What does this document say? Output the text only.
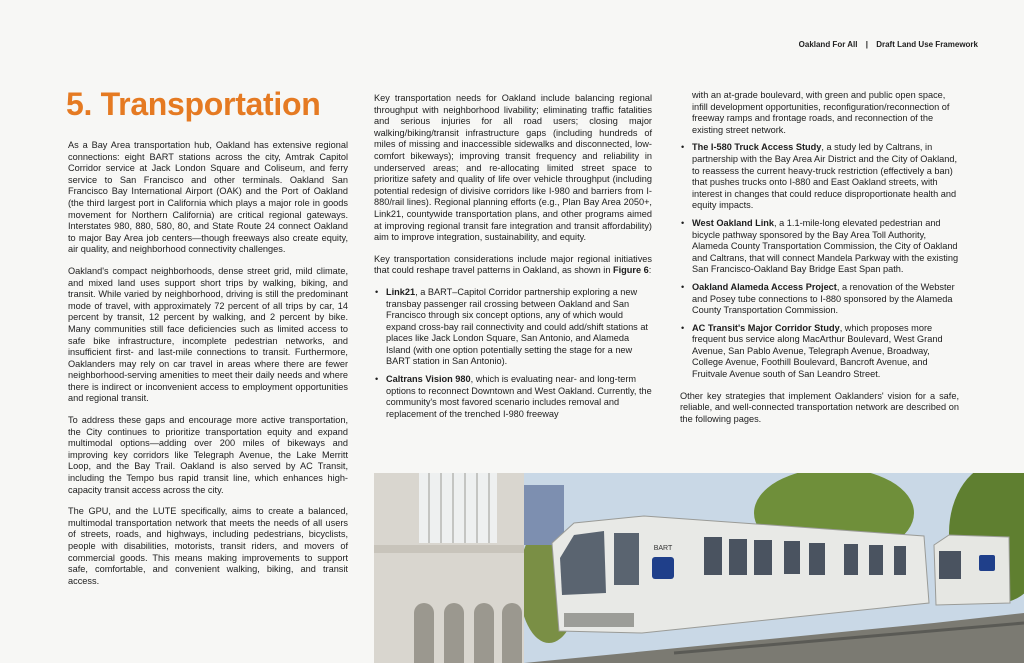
Oakland For All | Draft Land Use Framework
5. Transportation

As a Bay Area transportation hub, Oakland has extensive regional connections: eight BART stations across the city, Amtrak Capitol Corridor service at Jack London Square and Coliseum, and ferry service to San Francisco and other terminals. Oakland San Francisco Bay International Airport (OAK) and the Port of Oakland (the third largest port in California which plays a major role in goods movement for Northern California) are critical regional gateways. Interstates 980, 880, 580, 80, and State Route 24 connect Oakland to major Bay Area job centers—though freeways also create equity, air quality, and neighborhood connectivity challenges.

Oakland's compact neighborhoods, dense street grid, mild climate, and mixed land uses support short trips by walking, biking, and transit. While varied by neighborhood, driving is still the predominant mode of travel, with approximately 72 percent of all trips by car, 14 percent by transit, 12 percent by walking, and 2 percent by bike. Many communities still face deficiencies such as limited access to safe bike infrastructure, incomplete pedestrian networks, and insufficient first- and last-mile connections to transit. Furthermore, Oaklanders may rely on car travel in areas where there are fewer neighborhood-serving amenities to meet their daily needs and where there is indirect or inconvenient access to employment opportunities and regional transit.

To address these gaps and encourage more active transportation, the City continues to prioritize transportation equity and expand multimodal options—adding over 200 miles of bikeways and improving key corridors like Telegraph Avenue, the Lake Merritt Loop, and the Bay Trail. Oakland is also served by AC Transit, including the Tempo bus rapid transit line, which enhances high-capacity transit access across the city.

The GPU, and the LUTE specifically, aims to create a balanced, multimodal transportation network that meets the needs of all users of streets, roads, and highways, including pedestrians, bicyclists, people with disabilities, motorists, transit riders, and movers of commercial goods. This means making improvements to support safe, comfortable, and convenient walking, biking, and transit access.

Key transportation needs for Oakland include balancing regional throughput with neighborhood livability; eliminating traffic fatalities and serious injuries for all road users; closing major walking/biking/transit infrastructure gaps (including hundreds of miles of missing and inaccessible sidewalks and disconnected, low-comfort bikeways); improving transit frequency and reliability in underserved areas; and re-allocating limited street space to prioritize safety and quality of life over vehicle throughput (including potential redesign of divisive corridors like I-980 and barriers from I-880/rail lines). Regional planning efforts (e.g., Plan Bay Area 2050+, Link21, countywide transportation plans, and other programs aimed at improving regional transit fare integration and transit affordability) aim to improve integration, sustainability, and equity.

Key transportation considerations include major regional initiatives that could reshape travel patterns in Oakland, as shown in Figure 6:

• Link21, a BART–Capitol Corridor partnership exploring a new transbay passenger rail crossing between Oakland and San Francisco through six concept options, any of which would expand cross-bay rail connectivity and could add/shift stations at places like Jack London Square, San Antonio, and Alameda Island (with one option potentially setting the stage for a new BART station in San Antonio).
• Caltrans Vision 980, which is evaluating near- and long-term options to reconnect Downtown and West Oakland. Currently, the community's most favored scenario includes removal and replacement of the trenched I-980 freeway
with an at-grade boulevard, with green and public open space, infill development opportunities, reconfiguration/reconnection of freeway ramps and frontage roads, and reconnection of the existing street network.
• The I-580 Truck Access Study, a study led by Caltrans, in partnership with the Bay Area Air District and the City of Oakland, to reassess the current heavy-truck restriction (effectively a ban) that pushes trucks onto I-880 and East Oakland streets, with interest in changes that could reduce disproportionate health and equity impacts.
• West Oakland Link, a 1.1-mile-long elevated pedestrian and bicycle pathway sponsored by the Bay Area Toll Authority, Alameda County Transportation Commission, the City of Oakland and Caltrans, that will connect Mandela Parkway with the existing San Francisco-Oakland Bay Bridge East Span path.
• Oakland Alameda Access Project, a renovation of the Webster and Posey tube connections to I-880 sponsored by the Alameda County Transportation Commission.
• AC Transit's Major Corridor Study, which proposes more frequent bus service along MacArthur Boulevard, West Grand Avenue, San Pablo Avenue, Telegraph Avenue, Broadway, College Avenue, Foothill Boulevard, Bancroft Avenue, and Fruitvale Avenue south of San Leandro Street.

Other key strategies that implement Oaklanders' vision for a safe, reliable, and well-connected transportation network are described on the following pages.

BART
